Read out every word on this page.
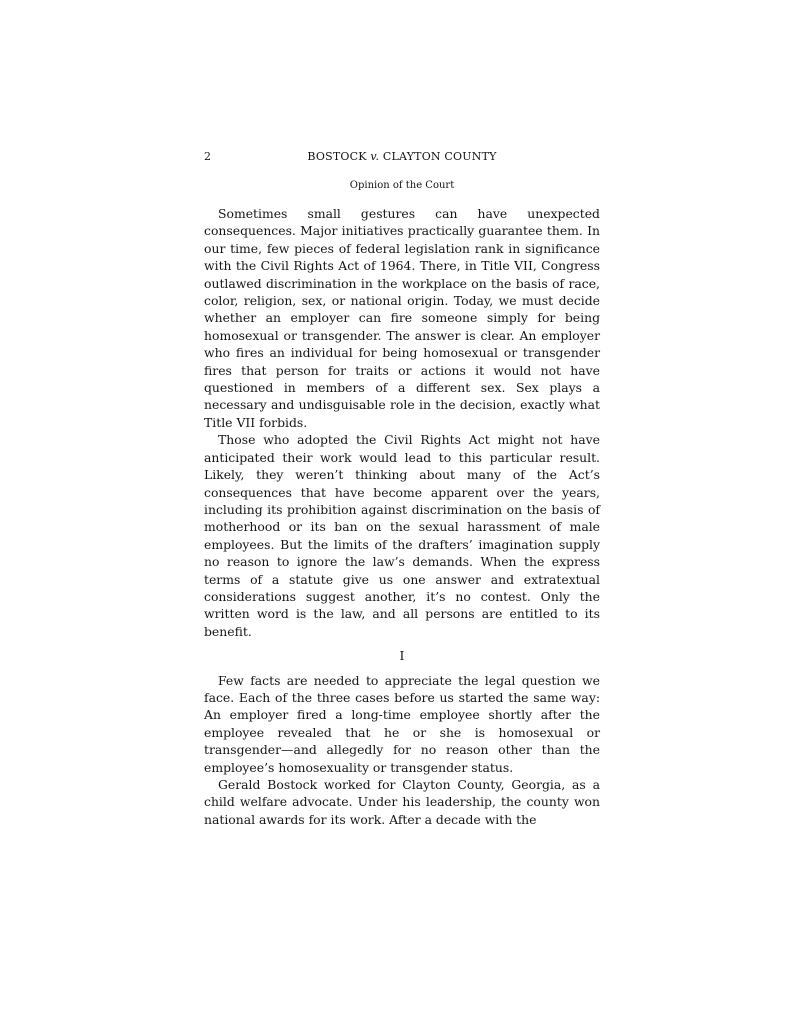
2	BOSTOCK v. CLAYTON COUNTY
Opinion of the Court

Sometimes small gestures can have unexpected consequences. Major initiatives practically guarantee them. In our time, few pieces of federal legislation rank in significance with the Civil Rights Act of 1964. There, in Title VII, Congress outlawed discrimination in the workplace on the basis of race, color, religion, sex, or national origin. Today, we must decide whether an employer can fire someone simply for being homosexual or transgender. The answer is clear. An employer who fires an individual for being homosexual or transgender fires that person for traits or actions it would not have questioned in members of a different sex. Sex plays a necessary and undisguisable role in the decision, exactly what Title VII forbids.

Those who adopted the Civil Rights Act might not have anticipated their work would lead to this particular result. Likely, they weren’t thinking about many of the Act’s consequences that have become apparent over the years, including its prohibition against discrimination on the basis of motherhood or its ban on the sexual harassment of male employees. But the limits of the drafters’ imagination supply no reason to ignore the law’s demands. When the express terms of a statute give us one answer and extratextual considerations suggest another, it’s no contest. Only the written word is the law, and all persons are entitled to its benefit.

I

Few facts are needed to appreciate the legal question we face. Each of the three cases before us started the same way: An employer fired a long-time employee shortly after the employee revealed that he or she is homosexual or transgender—and allegedly for no reason other than the employee’s homosexuality or transgender status.

Gerald Bostock worked for Clayton County, Georgia, as a child welfare advocate. Under his leadership, the county won national awards for its work. After a decade with the
